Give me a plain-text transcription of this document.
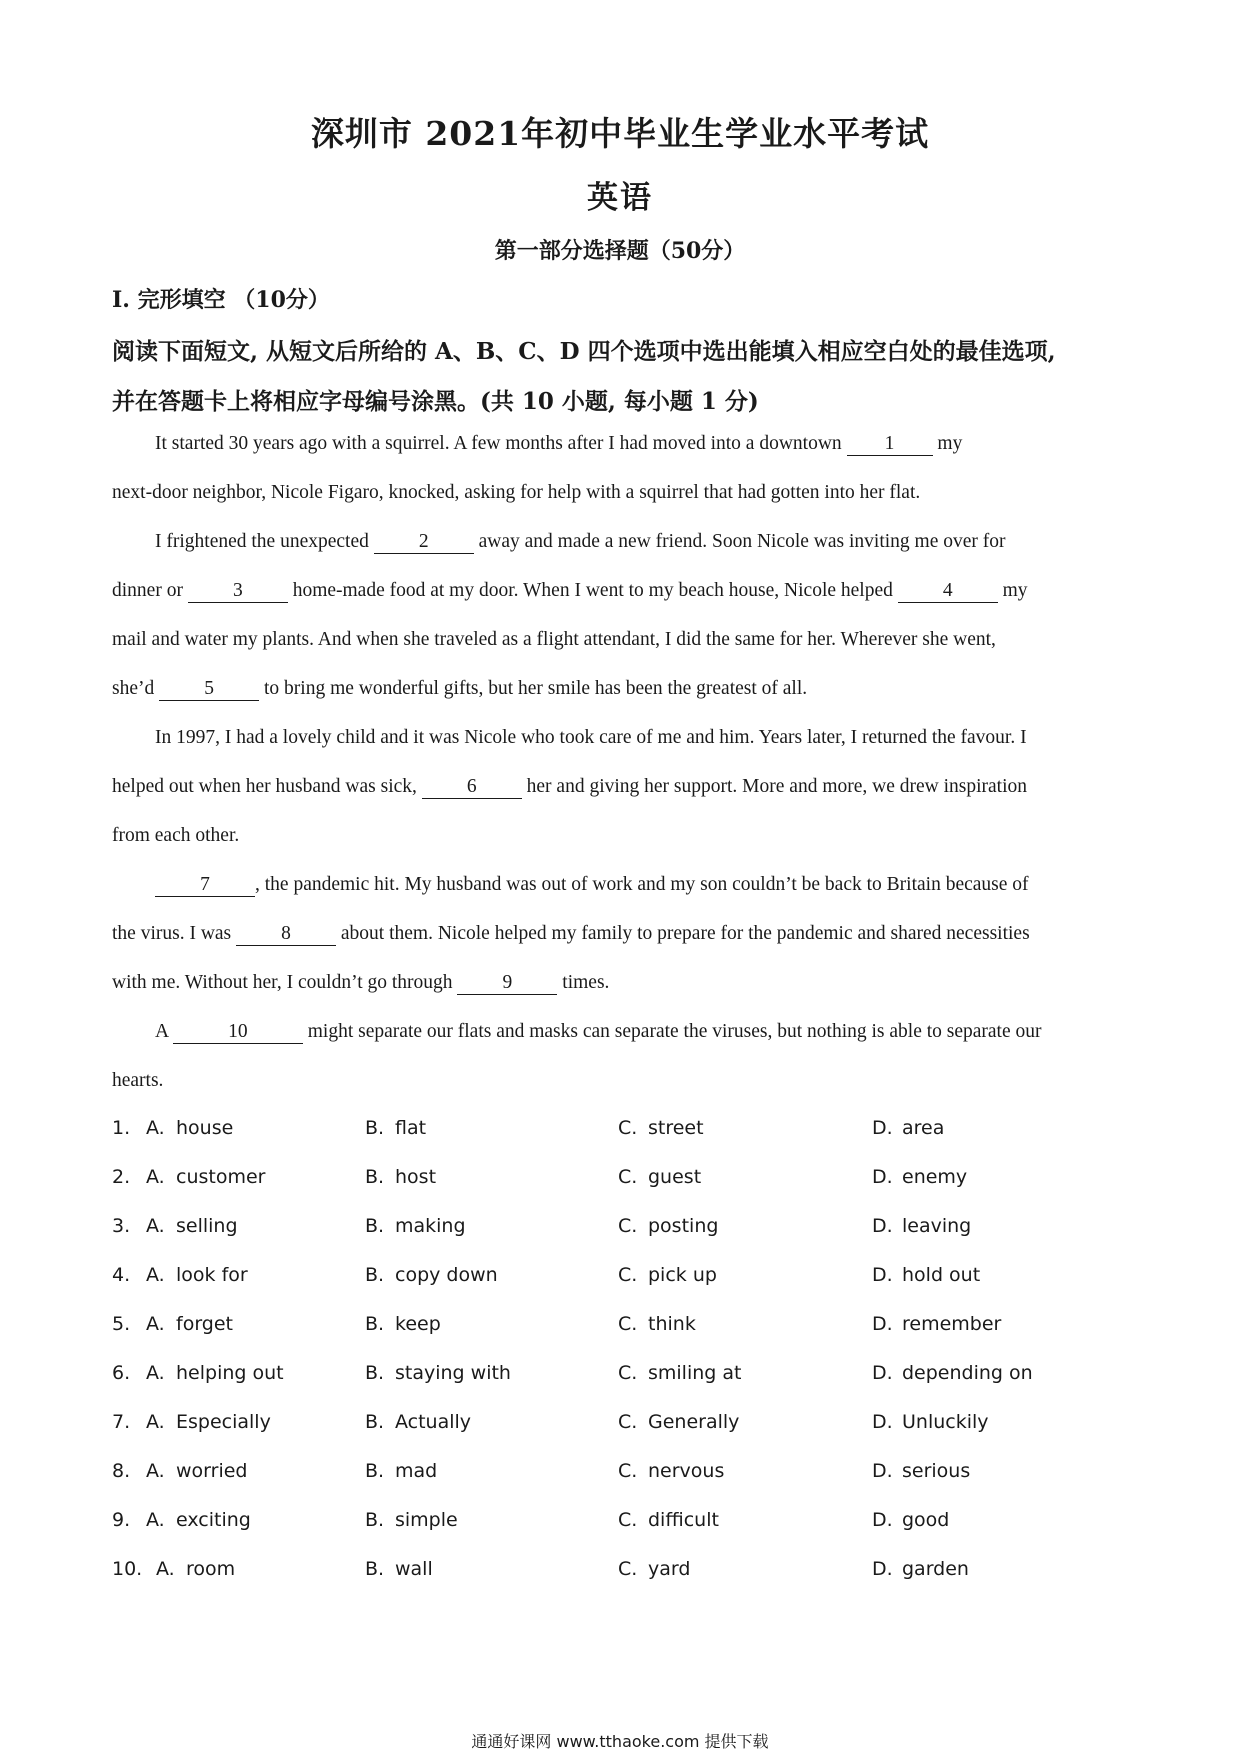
深圳市 2021年初中毕业生学业水平考试
英语
第一部分选择题（50分）
I. 完形填空 （10分）
阅读下面短文, 从短文后所给的 A、B、C、D 四个选项中选出能填入相应空白处的最佳选项,
并在答题卡上将相应字母编号涂黑。(共 10 小题, 每小题 1 分)
It started 30 years ago with a squirrel. A few months after I had moved into a downtown 1 my
next-door neighbor, Nicole Figaro, knocked, asking for help with a squirrel that had gotten into her flat.
I frightened the unexpected	2	away and made a new friend. Soon Nicole was inviting me over for
dinner or	3	home-made food at my door. When I went to my beach house, Nicole helped	4	my
mail and water my plants. And when she traveled as a flight attendant, I did the same for her. Wherever she went,
she’d	5	to bring me wonderful gifts, but her smile has been the greatest of all.
In 1997, I had a lovely child and it was Nicole who took care of me and him. Years later, I returned the favour. I
helped out when her husband was sick,	6	her and giving her support. More and more, we drew inspiration
from each other.
7 , the pandemic hit. My husband was out of work and my son couldn’t be back to Britain because of
the virus. I was	8	about them. Nicole helped my family to prepare for the pandemic and shared necessities
with me. Without her, I couldn’t go through	9	times.
A	10	might separate our flats and masks can separate the viruses, but nothing is able to separate our
hearts.
1. A. house	B. flat	C. street	D. area
2. A. customer	B. host	C. guest	D. enemy
3. A. selling	B. making	C. posting	D. leaving
4. A. look for	B. copy down	C. pick up	D. hold out
5. A. forget	B. keep	C. think	D. remember
6. A. helping out	B. staying with	C. smiling at	D. depending on
7. A. Especially	B. Actually	C. Generally	D. Unluckily
8. A. worried	B. mad	C. nervous	D. serious
9. A. exciting	B. simple	C. difficult	D. good
10. A. room	B. wall	C. yard	D. garden
通通好课网 www.tthaoke.com 提供下载
